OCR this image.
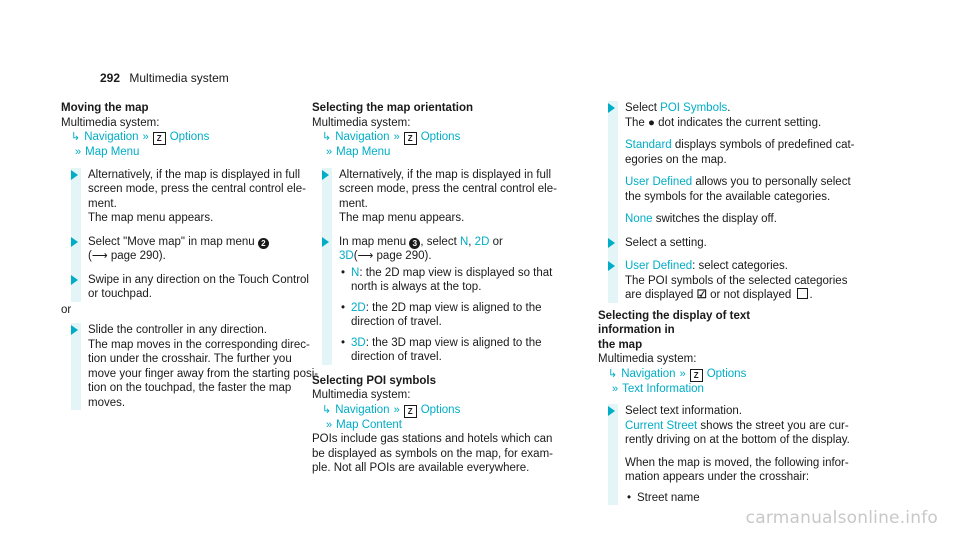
292 Multimedia system
Moving the map
Multimedia system:
↳ Navigation » Z Options
» Map Menu
Alternatively, if the map is displayed in full
screen mode, press the central control ele-
ment.
The map menu appears.
Select "Move map" in map menu 2
(⟶ page 290).
Swipe in any direction on the Touch Control
or touchpad.
or
Slide the controller in any direction.
The map moves in the corresponding direc-
tion under the crosshair. The further you
move your finger away from the starting posi-
tion on the touchpad, the faster the map
moves.
Selecting the map orientation
Multimedia system:
↳ Navigation » Z Options
» Map Menu
Alternatively, if the map is displayed in full
screen mode, press the central control ele-
ment.
The map menu appears.
In map menu 3 , select N, 2D or
3D(⟶ page 290).
• N: the 2D map view is displayed so that
north is always at the top.
• 2D: the 2D map view is aligned to the
direction of travel.
• 3D: the 3D map view is aligned to the
direction of travel.
Selecting POI symbols
Multimedia system:
↳ Navigation » Z Options
» Map Content
POIs include gas stations and hotels which can
be displayed as symbols on the map, for exam-
ple. Not all POIs are available everywhere.
Select POI Symbols.
The ● dot indicates the current setting.
Standard displays symbols of predefined cat-
egories on the map.
User Defined allows you to personally select
the symbols for the available categories.
None switches the display off.
Select a setting.
User Defined: select categories.
The POI symbols of the selected categories
are displayed ☑ or not displayed .
Selecting the display of text information in
the map
Multimedia system:
↳ Navigation » Z Options
» Text Information
Select text information.
Current Street shows the street you are cur-
rently driving on at the bottom of the display.
When the map is moved, the following infor-
mation appears under the crosshair:
• Street name
carmanualsonline.info
